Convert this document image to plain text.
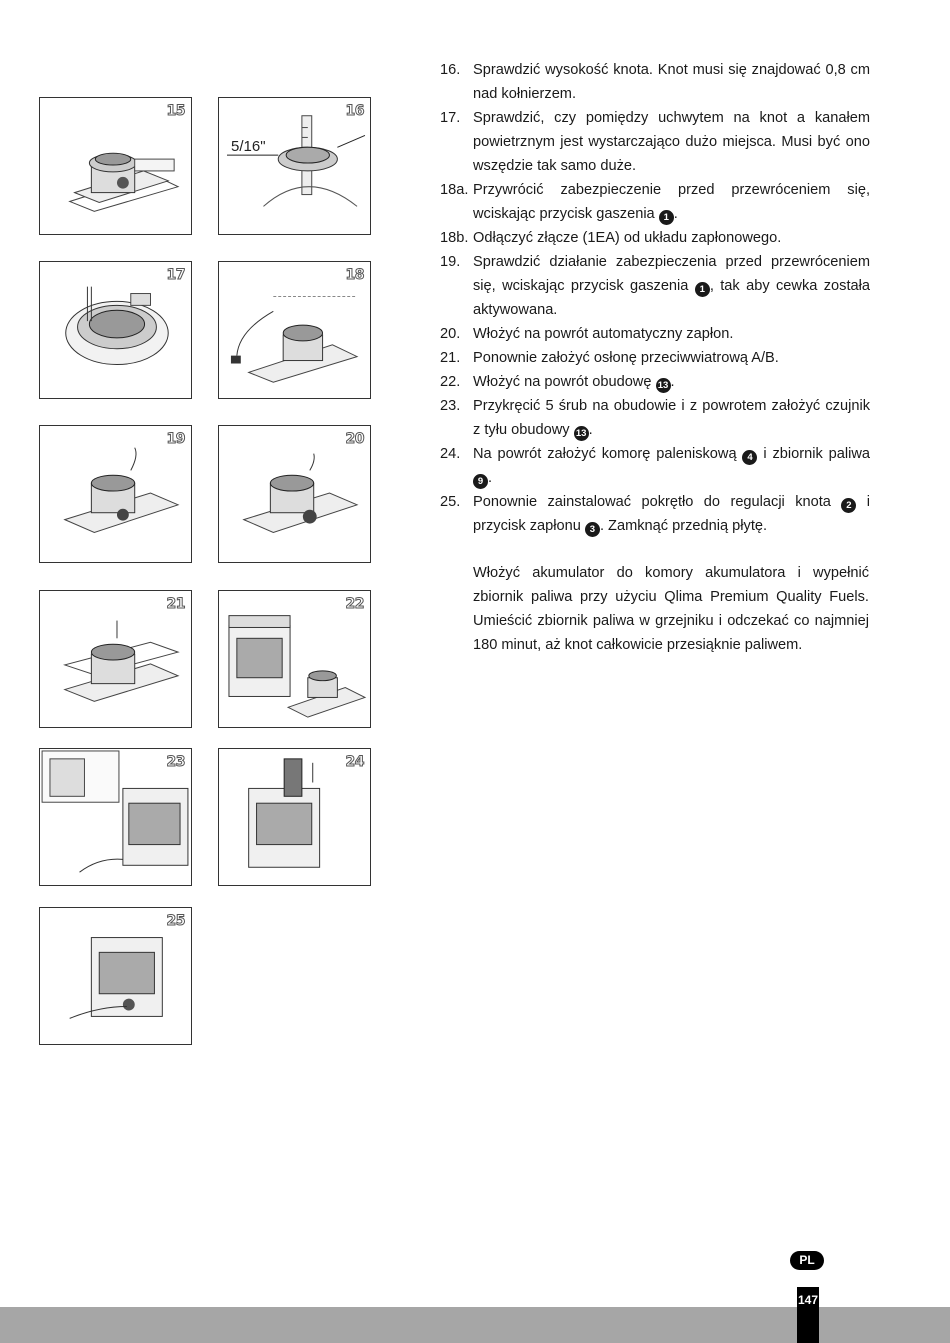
15
5/16"
16
17	18
19	20
21	22
23	24
25
16. Sprawdzić wysokość knota. Knot musi się znajdować 0,8 cm nad kołnierzem.
17. Sprawdzić, czy pomiędzy uchwytem na knot a kanałem powietrznym jest wystarczająco dużo miejsca. Musi być ono wszędzie tak samo duże.
18a. Przywrócić zabezpieczenie przed przewróceniem się, wciskając przycisk gaszenia 1 .
18b. Odłączyć złącze (1EA) od układu zapłonowego.
19. Sprawdzić działanie zabezpieczenia przed przewróceniem się, wciskając przycisk gaszenia 1 , tak aby cewka została aktywowana.
20. Włożyć na powrót automatyczny zapłon.
21. Ponownie założyć osłonę przeciwwiatrową A/B.
22. Włożyć na powrót obudowę 13 .
23. Przykręcić 5 śrub na obudowie i z powrotem założyć czujnik z tyłu obudowy 13 .
24. Na powrót założyć komorę paleniskową 4 i zbiornik paliwa 9 .
25. Ponownie zainstalować pokrętło do regulacji knota 2 i przycisk zapłonu 3 . Zamknąć przednią płytę.

Włożyć akumulator do komory akumulatora i wypełnić zbiornik paliwa przy użyciu Qlima Premium Quality Fuels. Umieścić zbiornik paliwa w grzejniku i odczekać co najmniej 180 minut, aż knot całkowicie przesiąknie paliwem.

PL
147
